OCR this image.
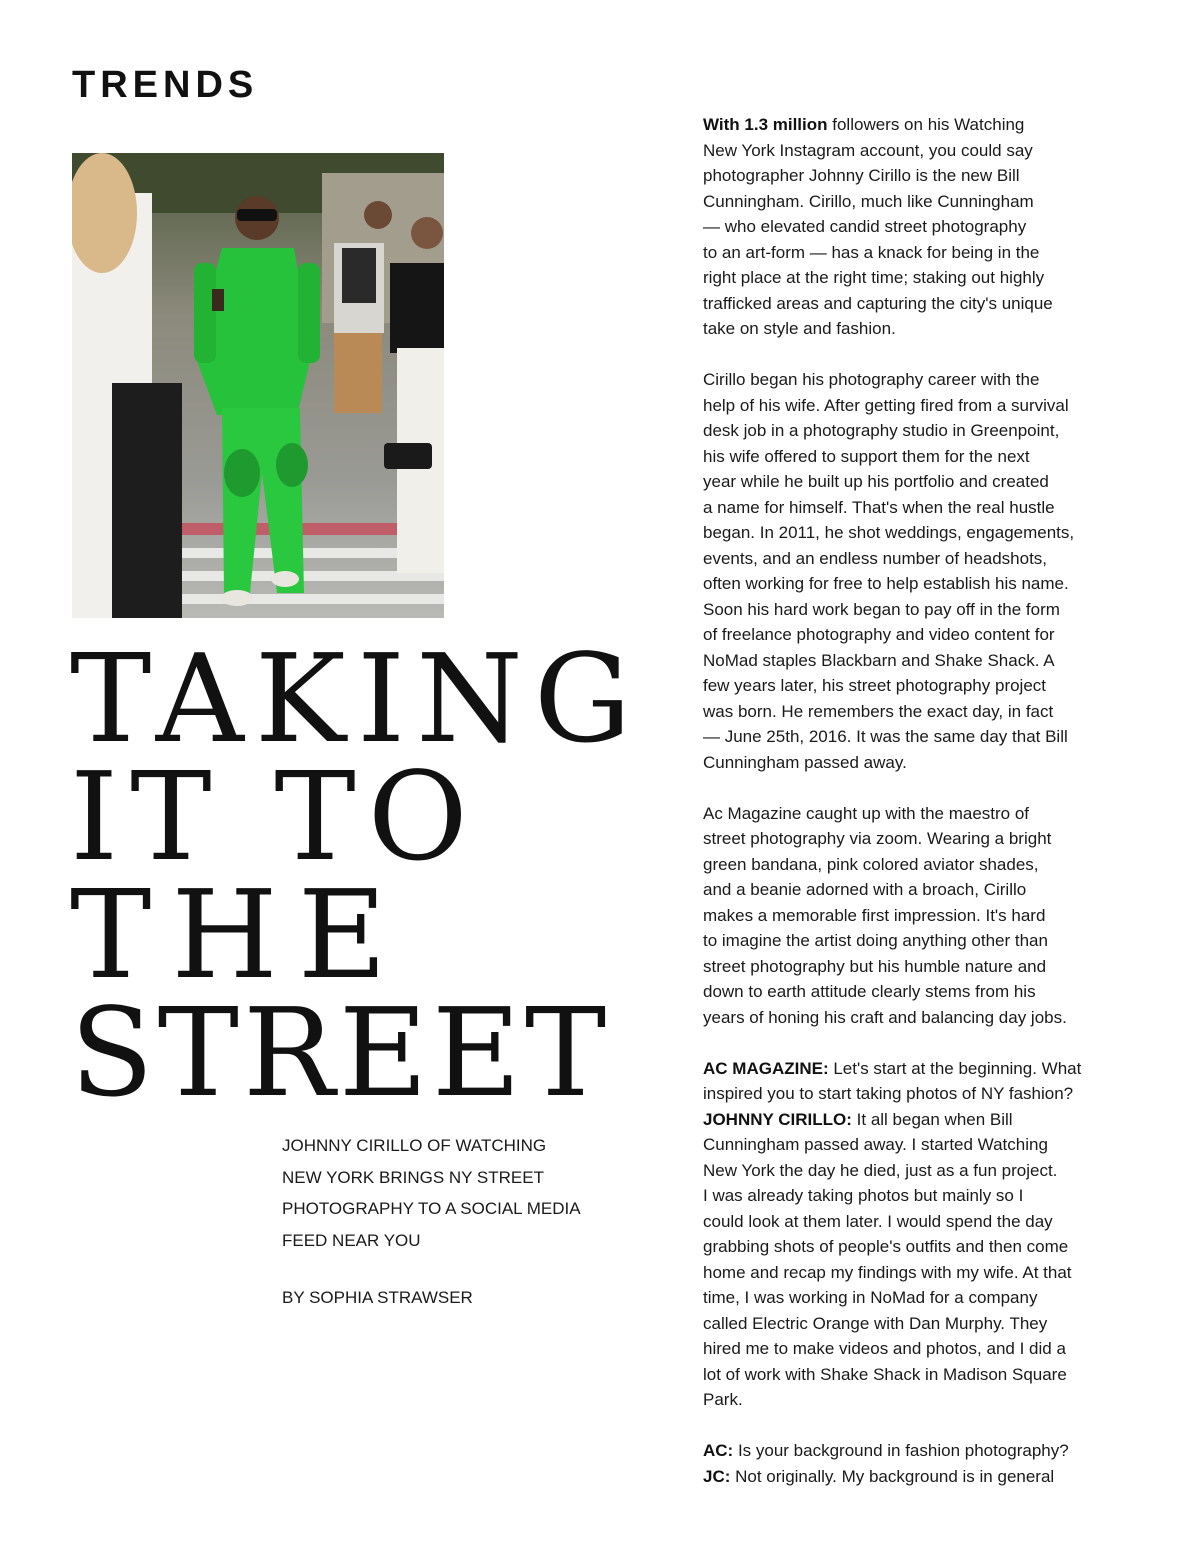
TRENDS
TAKING
IT TO
THE
STREET
JOHNNY CIRILLO OF WATCHING
NEW YORK BRINGS NY STREET
PHOTOGRAPHY TO A SOCIAL MEDIA
FEED NEAR YOU
BY SOPHIA STRAWSER

With 1.3 million followers on his Watching
New York Instagram account, you could say
photographer Johnny Cirillo is the new Bill
Cunningham. Cirillo, much like Cunningham
— who elevated candid street photography
to an art-form — has a knack for being in the
right place at the right time; staking out highly
trafficked areas and capturing the city's unique
take on style and fashion.

Cirillo began his photography career with the
help of his wife. After getting fired from a survival
desk job in a photography studio in Greenpoint,
his wife offered to support them for the next
year while he built up his portfolio and created
a name for himself. That's when the real hustle
began. In 2011, he shot weddings, engagements,
events, and an endless number of headshots,
often working for free to help establish his name.
Soon his hard work began to pay off in the form
of freelance photography and video content for
NoMad staples Blackbarn and Shake Shack. A
few years later, his street photography project
was born. He remembers the exact day, in fact
— June 25th, 2016. It was the same day that Bill
Cunningham passed away.

Ac Magazine caught up with the maestro of
street photography via zoom. Wearing a bright
green bandana, pink colored aviator shades,
and a beanie adorned with a broach, Cirillo
makes a memorable first impression. It's hard
to imagine the artist doing anything other than
street photography but his humble nature and
down to earth attitude clearly stems from his
years of honing his craft and balancing day jobs.

AC MAGAZINE: Let's start at the beginning. What
inspired you to start taking photos of NY fashion?

JOHNNY CIRILLO: It all began when Bill
Cunningham passed away. I started Watching
New York the day he died, just as a fun project.
I was already taking photos but mainly so I
could look at them later. I would spend the day
grabbing shots of people's outfits and then come
home and recap my findings with my wife. At that
time, I was working in NoMad for a company
called Electric Orange with Dan Murphy. They
hired me to make videos and photos, and I did a
lot of work with Shake Shack in Madison Square
Park.

AC: Is your background in fashion photography?
JC: Not originally. My background is in general
